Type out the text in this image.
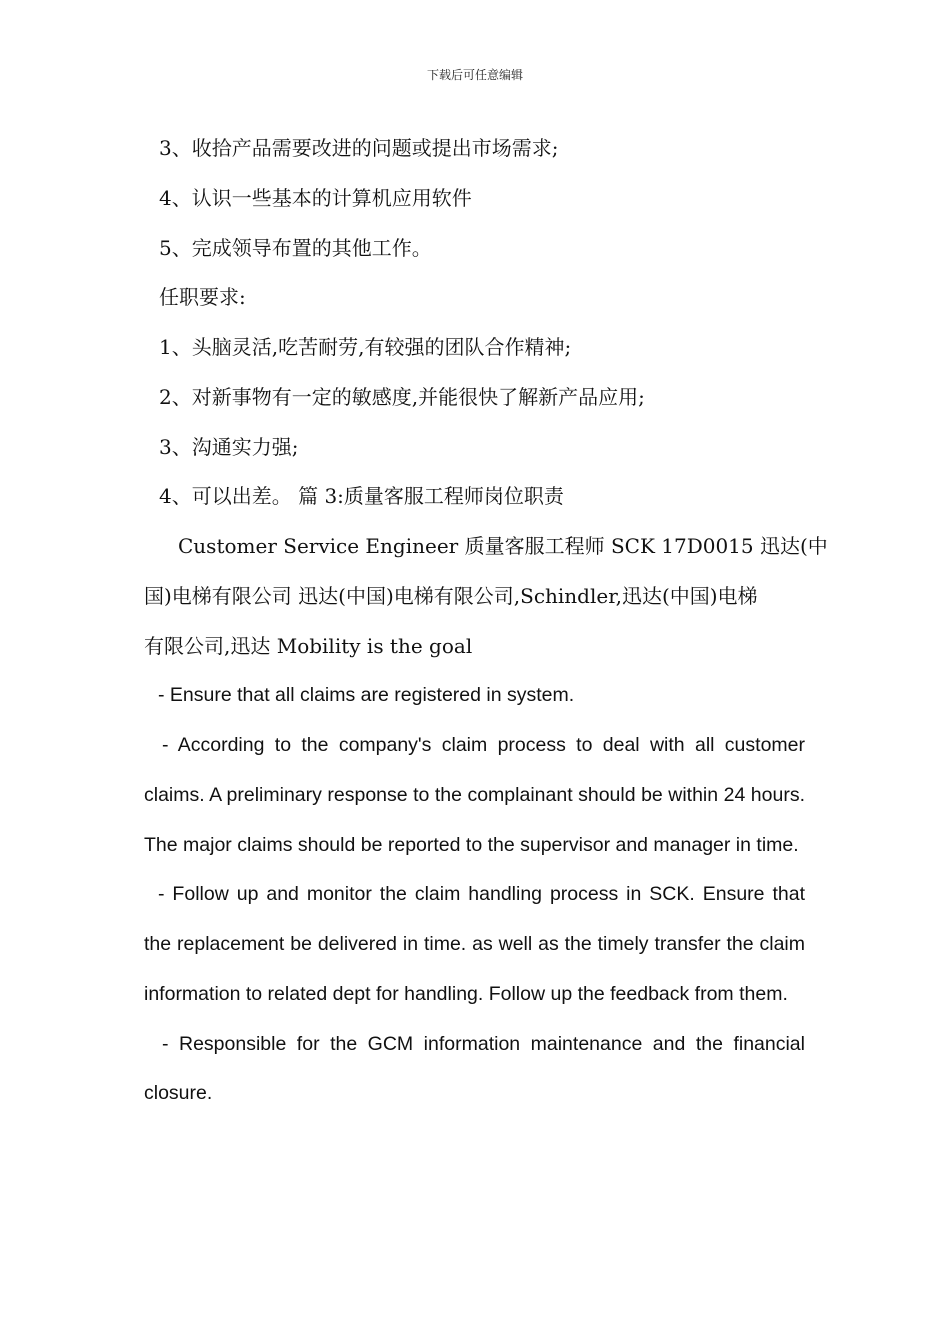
下载后可任意编辑

3、收拾产品需要改进的问题或提出市场需求;

4、认识一些基本的计算机应用软件

5、完成领导布置的其他工作。

任职要求:

1、头脑灵活,吃苦耐劳,有较强的团队合作精神;

2、对新事物有一定的敏感度,并能很快了解新产品应用;

3、沟通实力强;

4、可以出差。 篇 3:质量客服工程师岗位职责

Customer Service Engineer 质量客服工程师 SCK 17D0015 迅达(中

国)电梯有限公司 迅达(中国)电梯有限公司,Schindler,迅达(中国)电梯

有限公司,迅达 Mobility is the goal

- Ensure that all claims are registered in system.

- According to the company's claim process to deal with all customer claims. A preliminary response to the complainant should be within 24 hours. The major claims should be reported to the supervisor and manager in time.

- Follow up and monitor the claim handling process in SCK. Ensure that the replacement be delivered in time. as well as the timely transfer the claim information to related dept for handling. Follow up the feedback from them.

- Responsible for the GCM information maintenance and the financial closure.
